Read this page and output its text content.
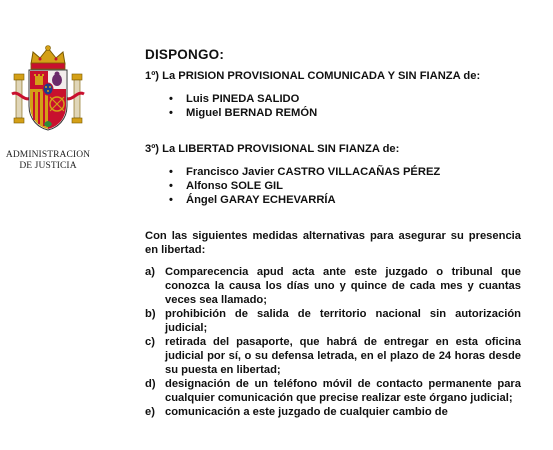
ADMINISTRACION
DE JUSTICIA
DISPONGO:
1º) La PRISION PROVISIONAL COMUNICADA Y SIN FIANZA de:
• Luis PINEDA SALIDO
• Miguel BERNAD REMÓN
3º) La LIBERTAD PROVISIONAL SIN FIANZA de:
• Francisco Javier CASTRO VILLACAÑAS PÉREZ
• Alfonso SOLE GIL
• Ángel GARAY ECHEVARRÍA
Con las siguientes medidas alternativas para asegurar su presencia en libertad:
a) Comparecencia apud acta ante este juzgado o tribunal que conozca la causa los días uno y quince de cada mes y cuantas veces sea llamado;
b) prohibición de salida de territorio nacional sin autorización judicial;
c) retirada del pasaporte, que habrá de entregar en esta oficina judicial por sí, o su defensa letrada, en el plazo de 24 horas desde su puesta en libertad;
d) designación de un teléfono móvil de contacto permanente para cualquier comunicación que precise realizar este órgano judicial;
e) comunicación a este juzgado de cualquier cambio de
